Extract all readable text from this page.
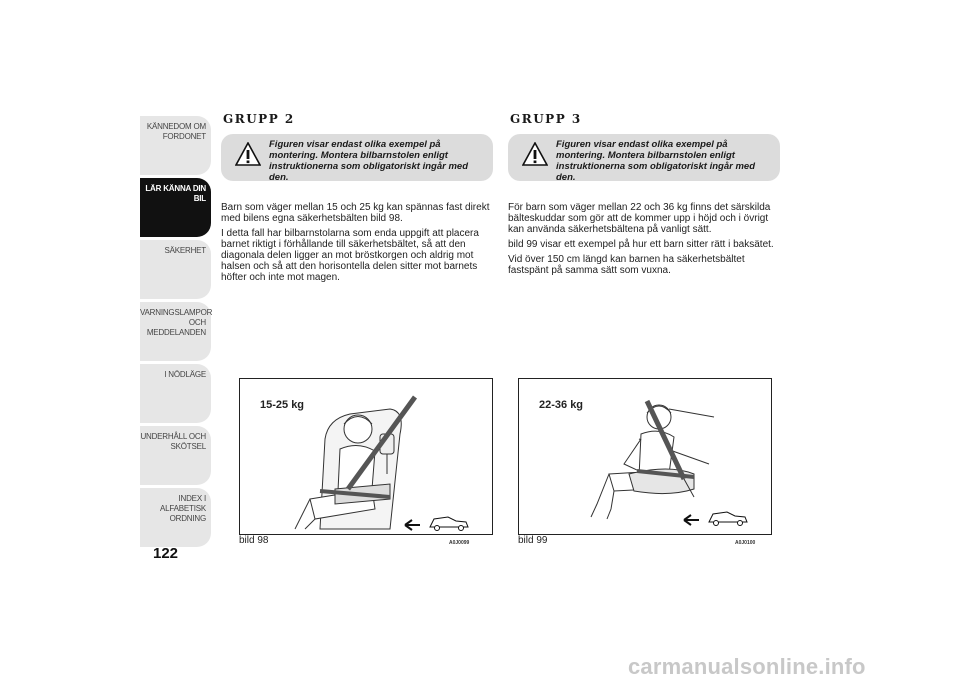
KÄNNEDOM OM FORDONET
LÄR KÄNNA DIN BIL
SÄKERHET
VARNINGSLAMPOR OCH MEDDELANDEN
I NÖDLÄGE
UNDERHÅLL OCH SKÖTSEL
INDEX I ALFABETISK ORDNING
122
GRUPP 2
Figuren visar endast olika exempel på montering. Montera bilbarnstolen enligt instruktionerna som obligatoriskt ingår med den.

Barn som väger mellan 15 och 25 kg kan spännas fast direkt med bilens egna säkerhetsbälten bild 98.

I detta fall har bilbarnstolarna som enda uppgift att placera barnet riktigt i förhållande till säkerhetsbältet, så att den diagonala delen ligger an mot bröstkorgen och aldrig mot halsen och så att den horisontella delen sitter mot barnets höfter och inte mot magen.

GRUPP 3
Figuren visar endast olika exempel på montering. Montera bilbarnstolen enligt instruktionerna som obligatoriskt ingår med den.

För barn som väger mellan 22 och 36 kg finns det särskilda bälteskuddar som gör att de kommer upp i höjd och i övrigt kan använda säkerhetsbältena på vanligt sätt.

bild 99 visar ett exempel på hur ett barn sitter rätt i baksätet.

Vid över 150 cm längd kan barnen ha säkerhetsbältet fastspänt på samma sätt som vuxna.

15-25 kg
bild 98	A0J0099
22-36 kg
bild 99	A0J0100
carmanualsonline.info
